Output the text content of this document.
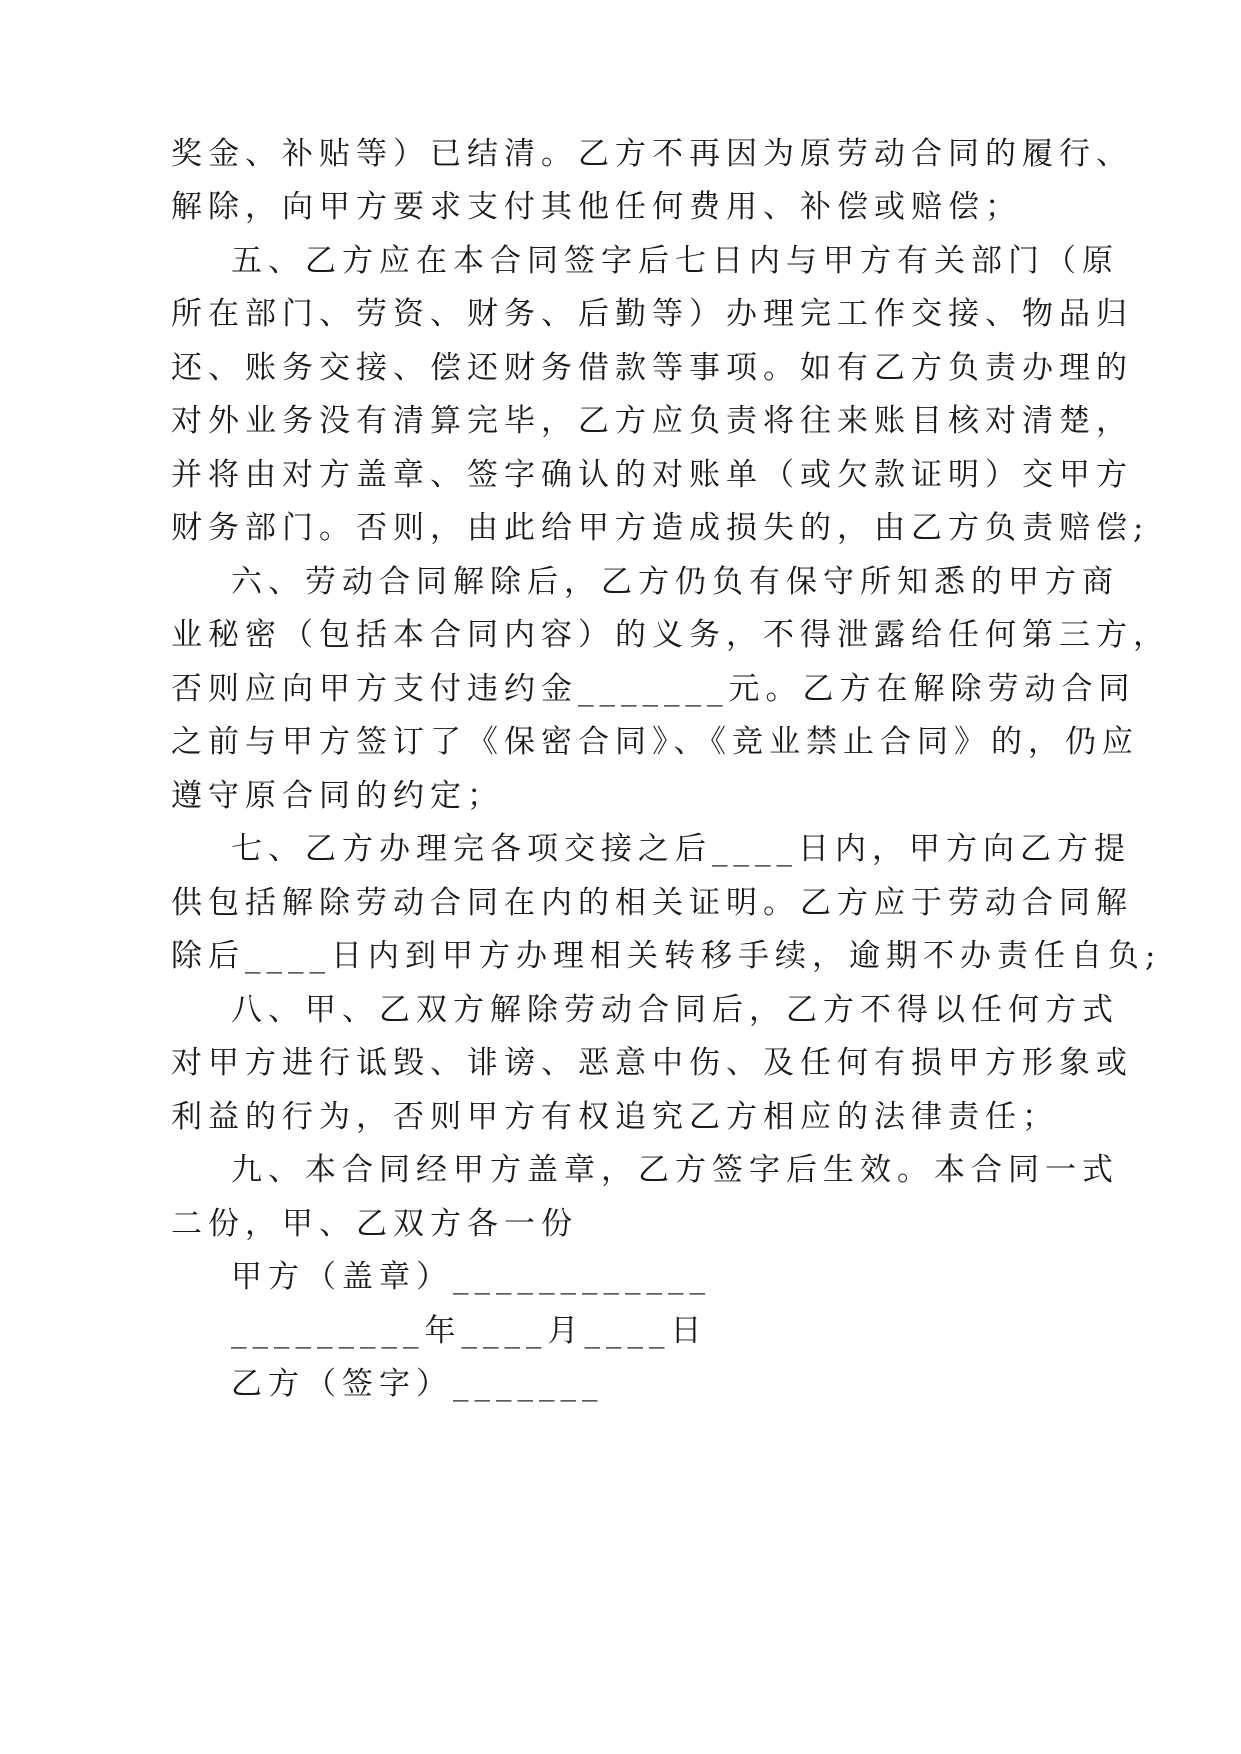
奖金、补贴等）已结清。乙方不再因为原劳动合同的履行、
解除，向甲方要求支付其他任何费用、补偿或赔偿；
五、乙方应在本合同签字后七日内与甲方有关部门（原
所在部门、劳资、财务、后勤等）办理完工作交接、物品归
还、账务交接、偿还财务借款等事项。如有乙方负责办理的
对外业务没有清算完毕，乙方应负责将往来账目核对清楚，
并将由对方盖章、签字确认的对账单（或欠款证明）交甲方
财务部门。否则，由此给甲方造成损失的，由乙方负责赔偿;
六、劳动合同解除后，乙方仍负有保守所知悉的甲方商
业秘密（包括本合同内容）的义务，不得泄露给任何第三方，
否则应向甲方支付违约金_______元。乙方在解除劳动合同
之前与甲方签订了《保密合同》、《竞业禁止合同》的，仍应
遵守原合同的约定；
七、乙方办理完各项交接之后____日内，甲方向乙方提
供包括解除劳动合同在内的相关证明。乙方应于劳动合同解
除后____日内到甲方办理相关转移手续，逾期不办责任自负;
八、甲、乙双方解除劳动合同后，乙方不得以任何方式
对甲方进行诋毁、诽谤、恶意中伤、及任何有损甲方形象或
利益的行为，否则甲方有权追究乙方相应的法律责任；
九、本合同经甲方盖章，乙方签字后生效。本合同一式
二份，甲、乙双方各一份
甲方（盖章）____________
_________年____月____日
乙方（签字）_______
